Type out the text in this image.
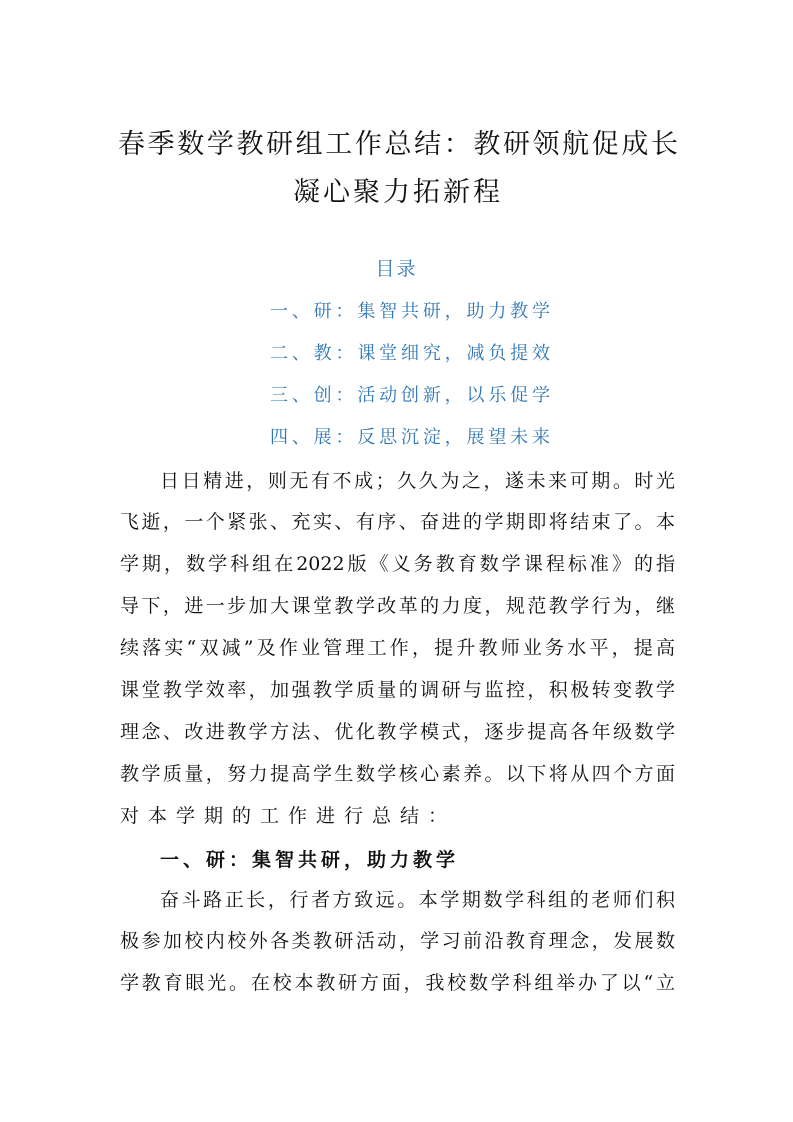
春季数学教研组工作总结：教研领航促成长
凝心聚力拓新程
目录
一、研：集智共研，助力教学
二、教：课堂细究，减负提效
三、创：活动创新，以乐促学
四、展：反思沉淀，展望未来
日日精进，则无有不成；久久为之，遂未来可期。时光
飞逝，一个紧张、充实、有序、奋进的学期即将结束了。本
学期，数学科组在2022版《义务教育数学课程标准》的指
导下，进一步加大课堂教学改革的力度，规范教学行为，继
续落实“双减”及作业管理工作，提升教师业务水平，提高
课堂教学效率，加强教学质量的调研与监控，积极转变教学
理念、改进教学方法、优化教学模式，逐步提高各年级数学
教学质量，努力提高学生数学核心素养。以下将从四个方面
对本学期的工作进行总结：
一、研：集智共研，助力教学
奋斗路正长，行者方致远。本学期数学科组的老师们积
极参加校内校外各类教研活动，学习前沿教育理念，发展数
学教育眼光。在校本教研方面，我校数学科组举办了以“立
